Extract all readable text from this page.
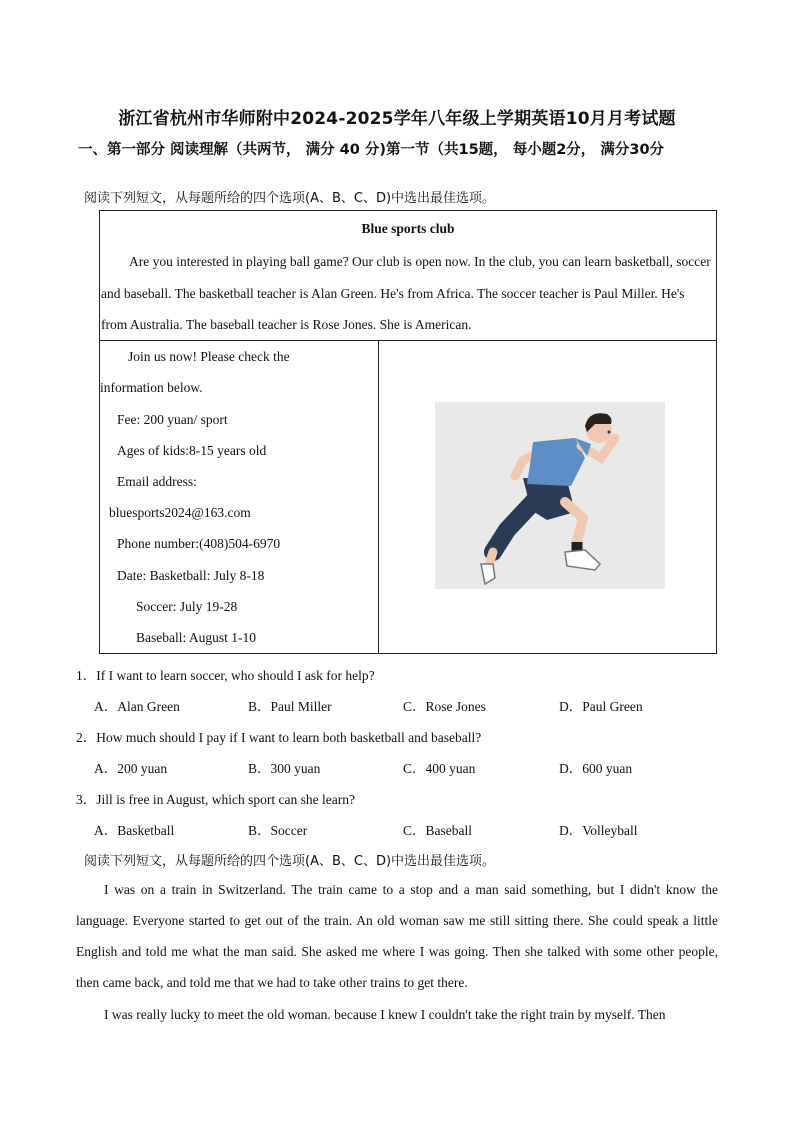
浙江省杭州市华师附中2024-2025学年八年级上学期英语10月月考试题
一、第一部分 阅读理解（共两节， 满分 40 分)第一节（共15题， 每小题2分， 满分30分
阅读下列短文，从每题所给的四个选项(A、B、C、D)中选出最佳选项。
Blue sports club
Are you interested in playing ball game? Our club is open now. In the club, you can learn basketball, soccer and baseball. The basketball teacher is Alan Green. He's from Africa. The soccer teacher is Paul Miller. He's from Australia. The baseball teacher is Rose Jones. She is American.
Join us now! Please check the
information below.
Fee: 200 yuan/ sport
Ages of kids:8-15 years old
Email address:
bluesports2024@163.com
Phone number:(408)504-6970
Date: Basketball: July 8-18
Soccer: July 19-28
Baseball: August 1-10
1．If I want to learn soccer, who should I ask for help?
A．Alan Green	B．Paul Miller	C．Rose Jones	D．Paul Green
2．How much should I pay if I want to learn both basketball and baseball?
A．200 yuan	B．300 yuan	C．400 yuan	D．600 yuan
3．Jill is free in August, which sport can she learn?
A．Basketball	B．Soccer	C．Baseball	D．Volleyball
阅读下列短文，从每题所给的四个选项(A、B、C、D)中选出最佳选项。
I was on a train in Switzerland. The train came to a stop and a man said something, but I didn't know the language. Everyone started to get out of the train. An old woman saw me still sitting there. She could speak a little English and told me what the man said. She asked me where I was going. Then she talked with some other people, then came back, and told me that we had to take other trains to get there.
I was really lucky to meet the old woman. because I knew I couldn't take the right train by myself. Then
